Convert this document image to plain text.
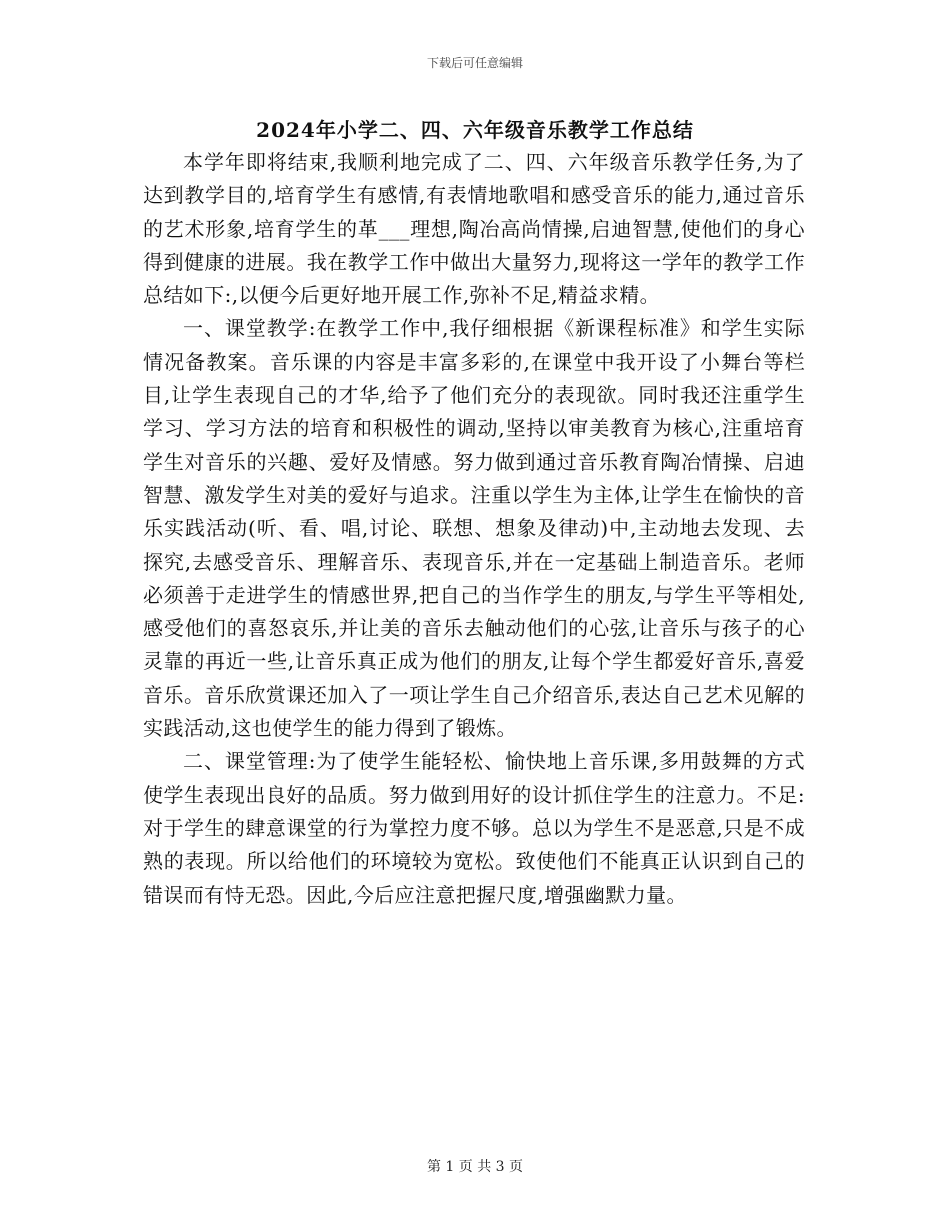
下载后可任意编辑
2024年小学二、四、六年级音乐教学工作总结

本学年即将结束,我顺利地完成了二、四、六年级音乐教学任务,为了达到教学目的,培育学生有感情,有表情地歌唱和感受音乐的能力,通过音乐的艺术形象,培育学生的革___理想,陶冶高尚情操,启迪智慧,使他们的身心得到健康的进展。我在教学工作中做出大量努力,现将这一学年的教学工作总结如下:,以便今后更好地开展工作,弥补不足,精益求精。

一、课堂教学:在教学工作中,我仔细根据《新课程标准》和学生实际情况备教案。音乐课的内容是丰富多彩的,在课堂中我开设了小舞台等栏目,让学生表现自己的才华,给予了他们充分的表现欲。同时我还注重学生学习、学习方法的培育和积极性的调动,坚持以审美教育为核心,注重培育学生对音乐的兴趣、爱好及情感。努力做到通过音乐教育陶冶情操、启迪智慧、激发学生对美的爱好与追求。注重以学生为主体,让学生在愉快的音乐实践活动(听、看、唱,讨论、联想、想象及律动)中,主动地去发现、去探究,去感受音乐、理解音乐、表现音乐,并在一定基础上制造音乐。老师必须善于走进学生的情感世界,把自己的当作学生的朋友,与学生平等相处,感受他们的喜怒哀乐,并让美的音乐去触动他们的心弦,让音乐与孩子的心灵靠的再近一些,让音乐真正成为他们的朋友,让每个学生都爱好音乐,喜爱音乐。音乐欣赏课还加入了一项让学生自己介绍音乐,表达自己艺术见解的实践活动,这也使学生的能力得到了锻炼。

二、课堂管理:为了使学生能轻松、愉快地上音乐课,多用鼓舞的方式使学生表现出良好的品质。努力做到用好的设计抓住学生的注意力。不足:对于学生的肆意课堂的行为掌控力度不够。总以为学生不是恶意,只是不成熟的表现。所以给他们的环境较为宽松。致使他们不能真正认识到自己的错误而有恃无恐。因此,今后应注意把握尺度,增强幽默力量。

第 1 页 共 3 页
